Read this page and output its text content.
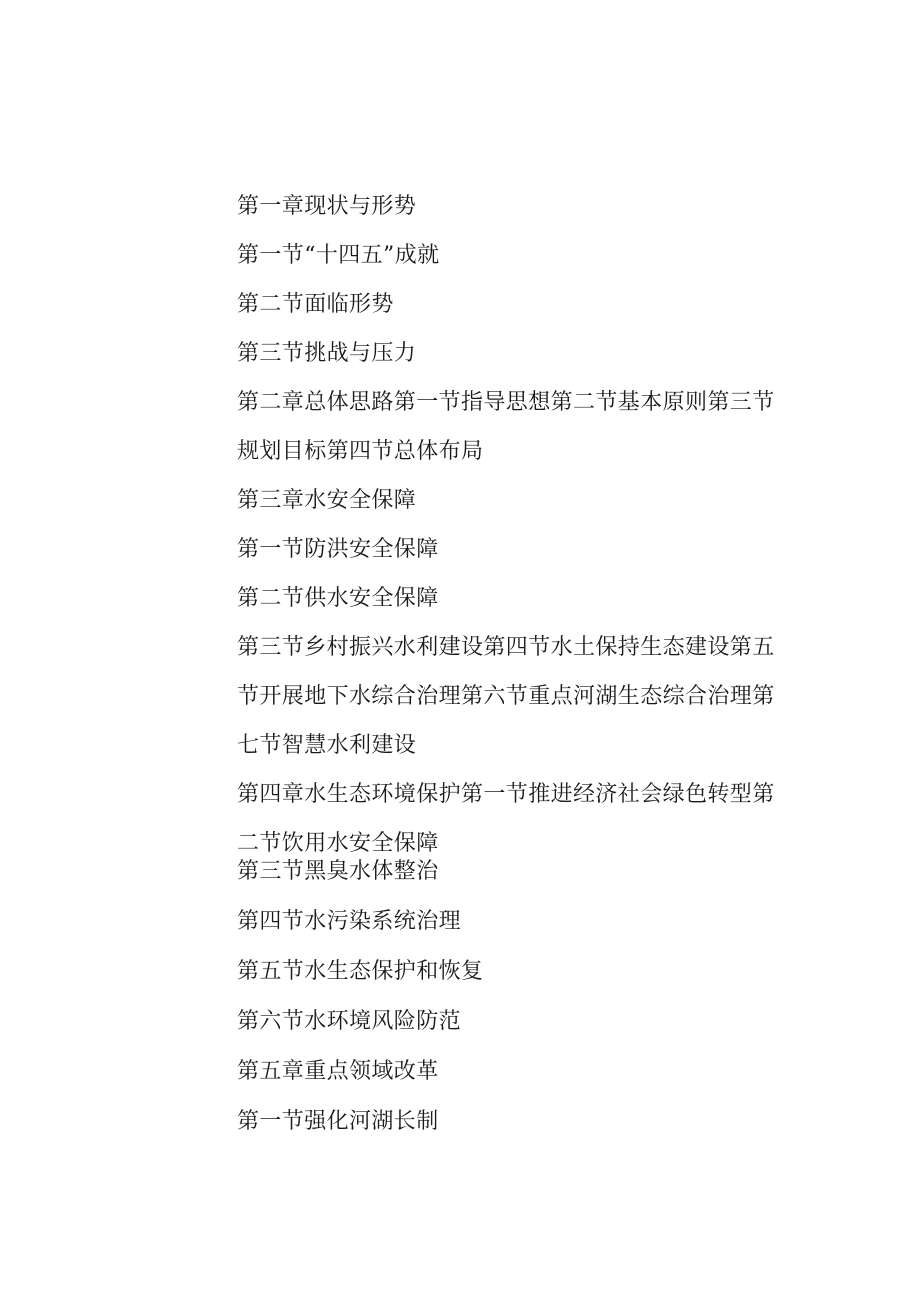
第一章现状与形势
第一节“十四五”成就
第二节面临形势
第三节挑战与压力
第二章总体思路第一节指导思想第二节基本原则第三节
规划目标第四节总体布局
第三章水安全保障
第一节防洪安全保障
第二节供水安全保障
第三节乡村振兴水利建设第四节水土保持生态建设第五
节开展地下水综合治理第六节重点河湖生态综合治理第
七节智慧水利建设
第四章水生态环境保护第一节推进经济社会绿色转型第
二节饮用水安全保障
第三节黑臭水体整治
第四节水污染系统治理
第五节水生态保护和恢复
第六节水环境风险防范
第五章重点领域改革
第一节强化河湖长制
